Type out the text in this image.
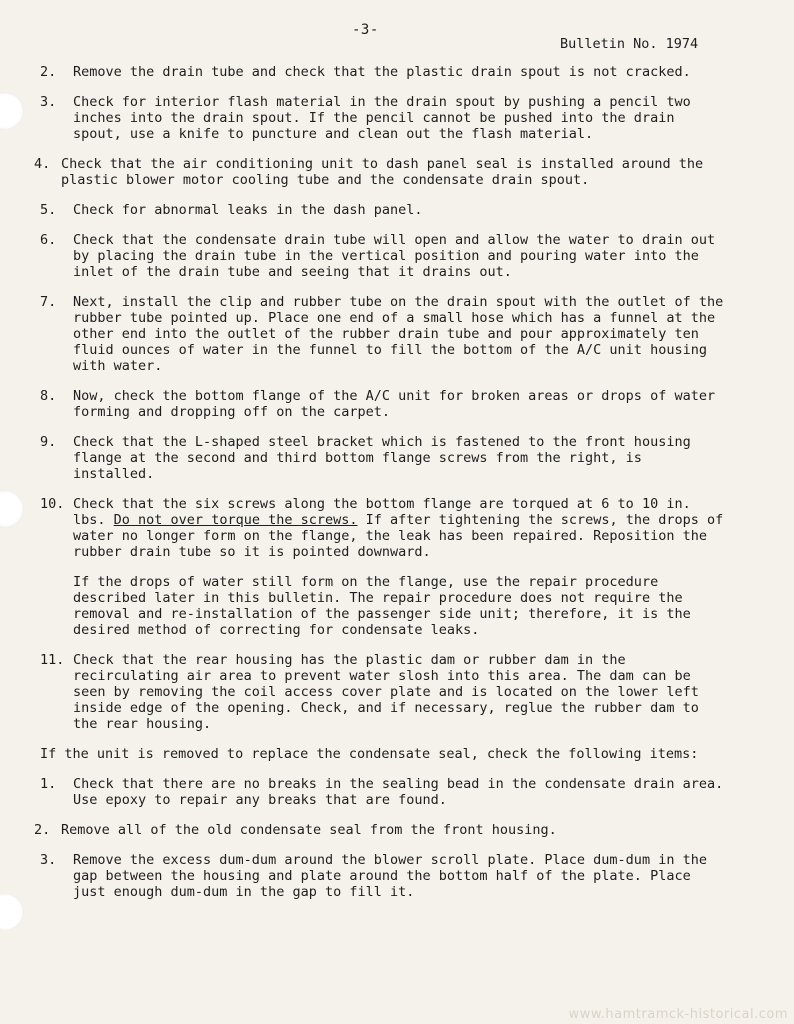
-3-
Bulletin No. 1974
2.	Remove the drain tube and check that the plastic drain spout is not cracked.
3.	Check for interior flash material in the drain spout by pushing a pencil two inches into the drain spout. If the pencil cannot be pushed into the drain spout, use a knife to puncture and clean out the flash material.
4. Check that the air conditioning unit to dash panel seal is installed around the plastic blower motor cooling tube and the condensate drain spout.
5.	Check for abnormal leaks in the dash panel.
6.	Check that the condensate drain tube will open and allow the water to drain out by placing the drain tube in the vertical position and pouring water into the inlet of the drain tube and seeing that it drains out.
7.	Next, install the clip and rubber tube on the drain spout with the outlet of the rubber tube pointed up. Place one end of a small hose which has a funnel at the other end into the outlet of the rubber drain tube and pour approximately ten fluid ounces of water in the funnel to fill the bottom of the A/C unit housing with water.
8.	Now, check the bottom flange of the A/C unit for broken areas or drops of water forming and dropping off on the carpet.
9.	Check that the L-shaped steel bracket which is fastened to the front housing flange at the second and third bottom flange screws from the right, is installed.
10. Check that the six screws along the bottom flange are torqued at 6 to 10 in. lbs. Do not over torque the screws. If after tightening the screws, the drops of water no longer form on the flange, the leak has been repaired. Reposition the rubber drain tube so it is pointed downward.
If the drops of water still form on the flange, use the repair procedure described later in this bulletin. The repair procedure does not require the removal and re-installation of the passenger side unit; therefore, it is the desired method of correcting for condensate leaks.
11. Check that the rear housing has the plastic dam or rubber dam in the recirculating air area to prevent water slosh into this area. The dam can be seen by removing the coil access cover plate and is located on the lower left inside edge of the opening. Check, and if necessary, reglue the rubber dam to the rear housing.
If the unit is removed to replace the condensate seal, check the following items:
1.	Check that there are no breaks in the sealing bead in the condensate drain area. Use epoxy to repair any breaks that are found.
2. Remove all of the old condensate seal from the front housing.
3.	Remove the excess dum-dum around the blower scroll plate. Place dum-dum in the gap between the housing and plate around the bottom half of the plate. Place just enough dum-dum in the gap to fill it.
www.hamtramck-historical.com
